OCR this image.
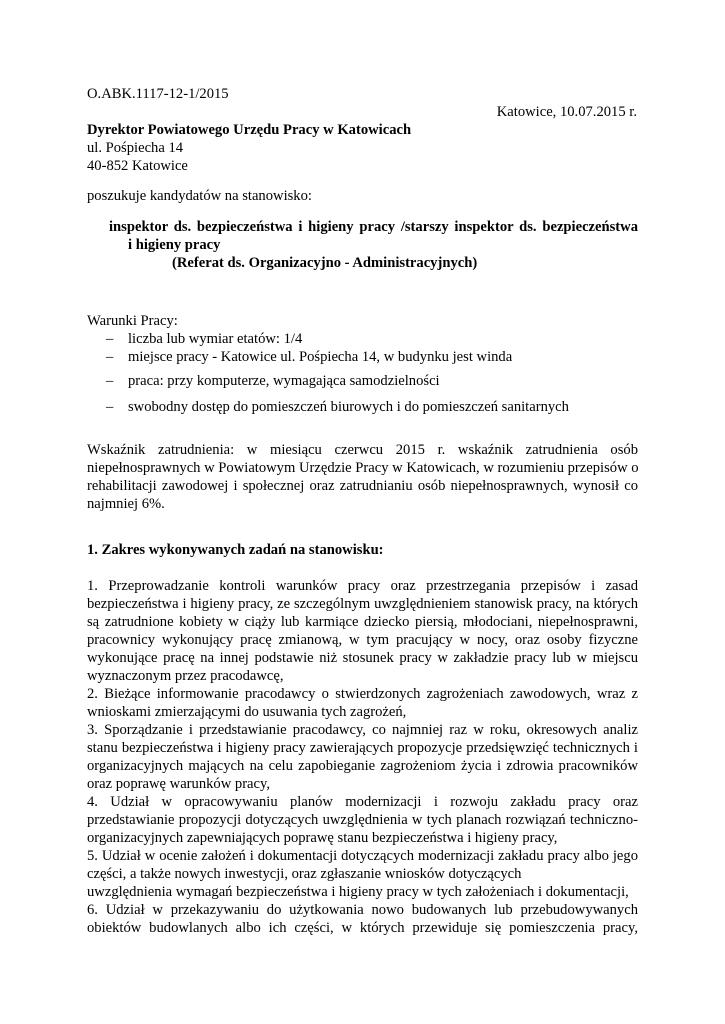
O.ABK.1117-12-1/2015
Katowice, 10.07.2015 r.
Dyrektor Powiatowego Urzędu Pracy w Katowicach
ul. Pośpiecha 14
40-852 Katowice
poszukuje kandydatów na stanowisko:
inspektor ds. bezpieczeństwa i higieny pracy /starszy inspektor ds. bezpieczeństwa
i higieny pracy
(Referat ds. Organizacyjno - Administracyjnych)
Warunki Pracy:
– liczba lub wymiar etatów: 1/4
– miejsce pracy - Katowice ul. Pośpiecha 14, w budynku jest winda
– praca: przy komputerze, wymagająca samodzielności
– swobodny dostęp do pomieszczeń biurowych i do pomieszczeń sanitarnych
Wskaźnik zatrudnienia: w miesiącu czerwcu 2015 r. wskaźnik zatrudnienia osób
niepełnosprawnych w Powiatowym Urzędzie Pracy w Katowicach, w rozumieniu przepisów o
rehabilitacji zawodowej i społecznej oraz zatrudnianiu osób niepełnosprawnych, wynosił co
najmniej 6%.
1. Zakres wykonywanych zadań na stanowisku:
1. Przeprowadzanie kontroli warunków pracy oraz przestrzegania przepisów i zasad
bezpieczeństwa i higieny pracy, ze szczególnym uwzględnieniem stanowisk pracy, na których
są zatrudnione kobiety w ciąży lub karmiące dziecko piersią, młodociani, niepełnosprawni,
pracownicy wykonujący pracę zmianową, w tym pracujący w nocy, oraz osoby fizyczne
wykonujące pracę na innej podstawie niż stosunek pracy w zakładzie pracy lub w miejscu
wyznaczonym przez pracodawcę,
2. Bieżące informowanie pracodawcy o stwierdzonych zagrożeniach zawodowych, wraz z
wnioskami zmierzającymi do usuwania tych zagrożeń,
3. Sporządzanie i przedstawianie pracodawcy, co najmniej raz w roku, okresowych analiz
stanu bezpieczeństwa i higieny pracy zawierających propozycje przedsięwzięć technicznych i
organizacyjnych mających na celu zapobieganie zagrożeniom życia i zdrowia pracowników
oraz poprawę warunków pracy,
4. Udział w opracowywaniu planów modernizacji i rozwoju zakładu pracy oraz
przedstawianie propozycji dotyczących uwzględnienia w tych planach rozwiązań techniczno-
organizacyjnych zapewniających poprawę stanu bezpieczeństwa i higieny pracy,
5. Udział w ocenie założeń i dokumentacji dotyczących modernizacji zakładu pracy albo jego
części, a także nowych inwestycji, oraz zgłaszanie wniosków dotyczących
uwzględnienia wymagań bezpieczeństwa i higieny pracy w tych założeniach i dokumentacji,
6. Udział w przekazywaniu do użytkowania nowo budowanych lub przebudowywanych
obiektów budowlanych albo ich części, w których przewiduje się pomieszczenia pracy,
